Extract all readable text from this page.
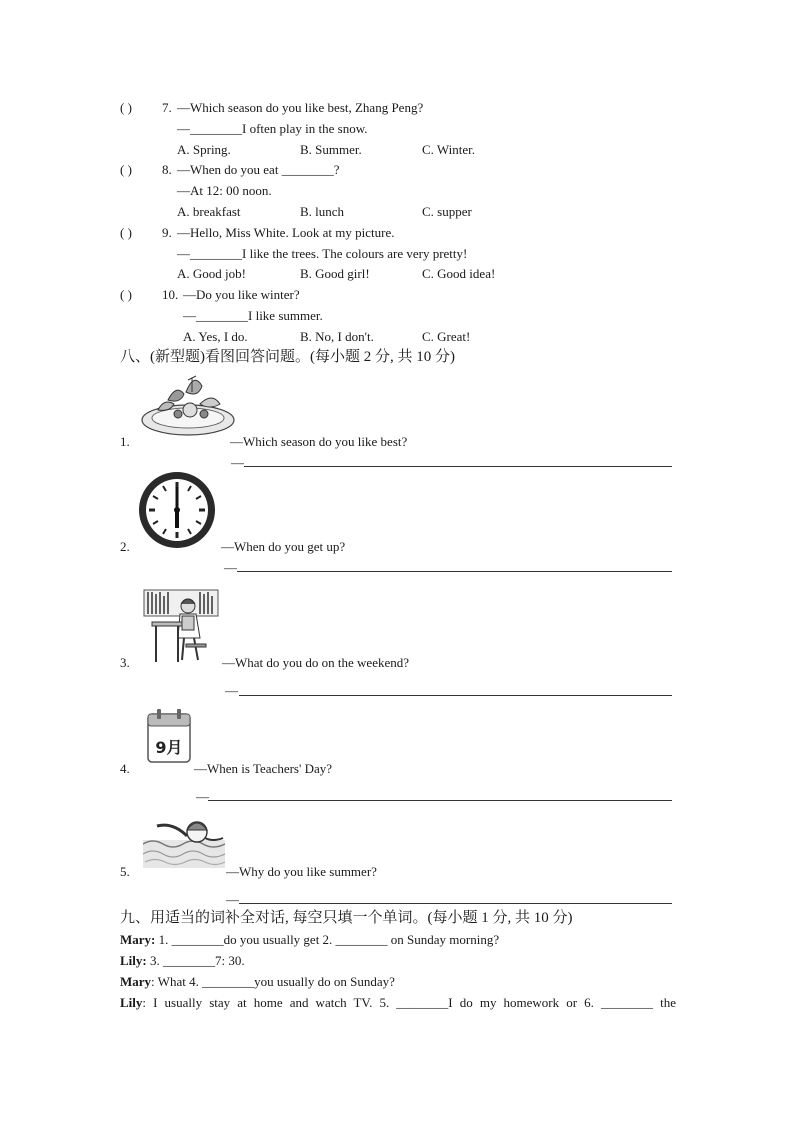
( ) 7. —Which season do you like best, Zhang Peng?
—________I often play in the snow.
A. Spring.	B. Summer.	C. Winter.
( ) 8. —When do you eat ________?
—At 12: 00 noon.
A. breakfast	B. lunch	C. supper
( ) 9. —Hello, Miss White. Look at my picture.
—________I like the trees. The colours are very pretty!
A. Good job!	B. Good girl!	C. Good idea!
( ) 10. —Do you like winter?
—________I like summer.
A. Yes, I do.	B. No, I don't.	C. Great!
八、(新型题)看图回答问题。(每小题 2 分, 共 10 分)
1.	—Which season do you like best?
—
2.	—When do you get up?
—
3.	—What do you do on the weekend?
—
9月
4.	—When is Teachers' Day?
—
5.	—Why do you like summer?
—
九、用适当的词补全对话, 每空只填一个单词。(每小题 1 分, 共 10 分)
Mary: 1. ________do you usually get 2. ________ on Sunday morning?
Lily: 3. ________7: 30.
Mary: What 4. ________you usually do on Sunday?
Lily: I usually stay at home and watch TV. 5. ________I do my homework or 6. ________ the
